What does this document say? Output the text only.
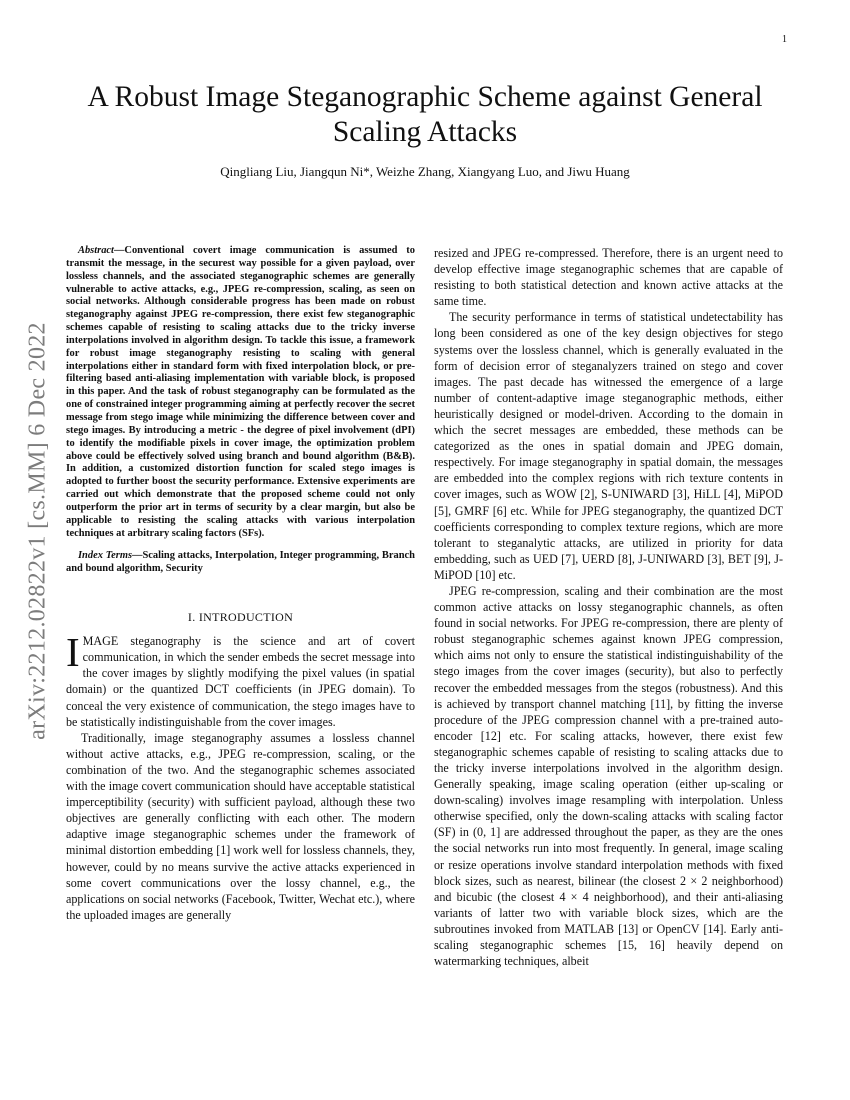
1
arXiv:2212.02822v1 [cs.MM] 6 Dec 2022
A Robust Image Steganographic Scheme against General Scaling Attacks
Qingliang Liu, Jiangqun Ni*, Weizhe Zhang, Xiangyang Luo, and Jiwu Huang

Abstract—Conventional covert image communication is assumed to transmit the message, in the securest way possible for a given payload, over lossless channels, and the associated steganographic schemes are generally vulnerable to active attacks, e.g., JPEG re-compression, scaling, as seen on social networks. Although considerable progress has been made on robust steganography against JPEG re-compression, there exist few steganographic schemes capable of resisting to scaling attacks due to the tricky inverse interpolations involved in algorithm design. To tackle this issue, a framework for robust image steganography resisting to scaling with general interpolations either in standard form with fixed interpolation block, or pre-filtering based anti-aliasing implementation with variable block, is proposed in this paper. And the task of robust steganography can be formulated as the one of constrained integer programming aiming at perfectly recover the secret message from stego image while minimizing the difference between cover and stego images. By introducing a metric - the degree of pixel involvement (dPI) to identify the modifiable pixels in cover image, the optimization problem above could be effectively solved using branch and bound algorithm (B&B). In addition, a customized distortion function for scaled stego images is adopted to further boost the security performance. Extensive experiments are carried out which demonstrate that the proposed scheme could not only outperform the prior art in terms of security by a clear margin, but also be applicable to resisting the scaling attacks with various interpolation techniques at arbitrary scaling factors (SFs).

Index Terms—Scaling attacks, Interpolation, Integer programming, Branch and bound algorithm, Security

I. INTRODUCTION

IMAGE steganography is the science and art of covert communication, in which the sender embeds the secret message into the cover images by slightly modifying the pixel values (in spatial domain) or the quantized DCT coefficients (in JPEG domain). To conceal the very existence of communication, the stego images have to be statistically indistinguishable from the cover images.

Traditionally, image steganography assumes a lossless channel without active attacks, e.g., JPEG re-compression, scaling, or the combination of the two. And the steganographic schemes associated with the image covert communication should have acceptable statistical imperceptibility (security) with sufficient payload, although these two objectives are generally conflicting with each other. The modern adaptive image steganographic schemes under the framework of minimal distortion embedding [1] work well for lossless channels, they, however, could by no means survive the active attacks experienced in some covert communications over the lossy channel, e.g., the applications on social networks (Facebook, Twitter, Wechat etc.), where the uploaded images are generally

resized and JPEG re-compressed. Therefore, there is an urgent need to develop effective image steganographic schemes that are capable of resisting to both statistical detection and known active attacks at the same time.

The security performance in terms of statistical undetectability has long been considered as one of the key design objectives for stego systems over the lossless channel, which is generally evaluated in the form of decision error of steganalyzers trained on stego and cover images. The past decade has witnessed the emergence of a large number of content-adaptive image steganographic methods, either heuristically designed or model-driven. According to the domain in which the secret messages are embedded, these methods can be categorized as the ones in spatial domain and JPEG domain, respectively. For image steganography in spatial domain, the messages are embedded into the complex regions with rich texture contents in cover images, such as WOW [2], S-UNIWARD [3], HiLL [4], MiPOD [5], GMRF [6] etc. While for JPEG steganography, the quantized DCT coefficients corresponding to complex texture regions, which are more tolerant to steganalytic attacks, are utilized in priority for data embedding, such as UED [7], UERD [8], J-UNIWARD [3], BET [9], J-MiPOD [10] etc.

JPEG re-compression, scaling and their combination are the most common active attacks on lossy steganographic channels, as often found in social networks. For JPEG re-compression, there are plenty of robust steganographic schemes against known JPEG compression, which aims not only to ensure the statistical indistinguishability of the stego images from the cover images (security), but also to perfectly recover the embedded messages from the stegos (robustness). And this is achieved by transport channel matching [11], by fitting the inverse procedure of the JPEG compression channel with a pre-trained auto-encoder [12] etc. For scaling attacks, however, there exist few steganographic schemes capable of resisting to scaling attacks due to the tricky inverse interpolations involved in the algorithm design. Generally speaking, image scaling operation (either up-scaling or down-scaling) involves image resampling with interpolation. Unless otherwise specified, only the down-scaling attacks with scaling factor (SF) in (0, 1] are addressed throughout the paper, as they are the ones the social networks run into most frequently. In general, image scaling or resize operations involve standard interpolation methods with fixed block sizes, such as nearest, bilinear (the closest 2 × 2 neighborhood) and bicubic (the closest 4 × 4 neighborhood), and their anti-aliasing variants of latter two with variable block sizes, which are the subroutines invoked from MATLAB [13] or OpenCV [14]. Early anti-scaling steganographic schemes [15, 16] heavily depend on watermarking techniques, albeit
